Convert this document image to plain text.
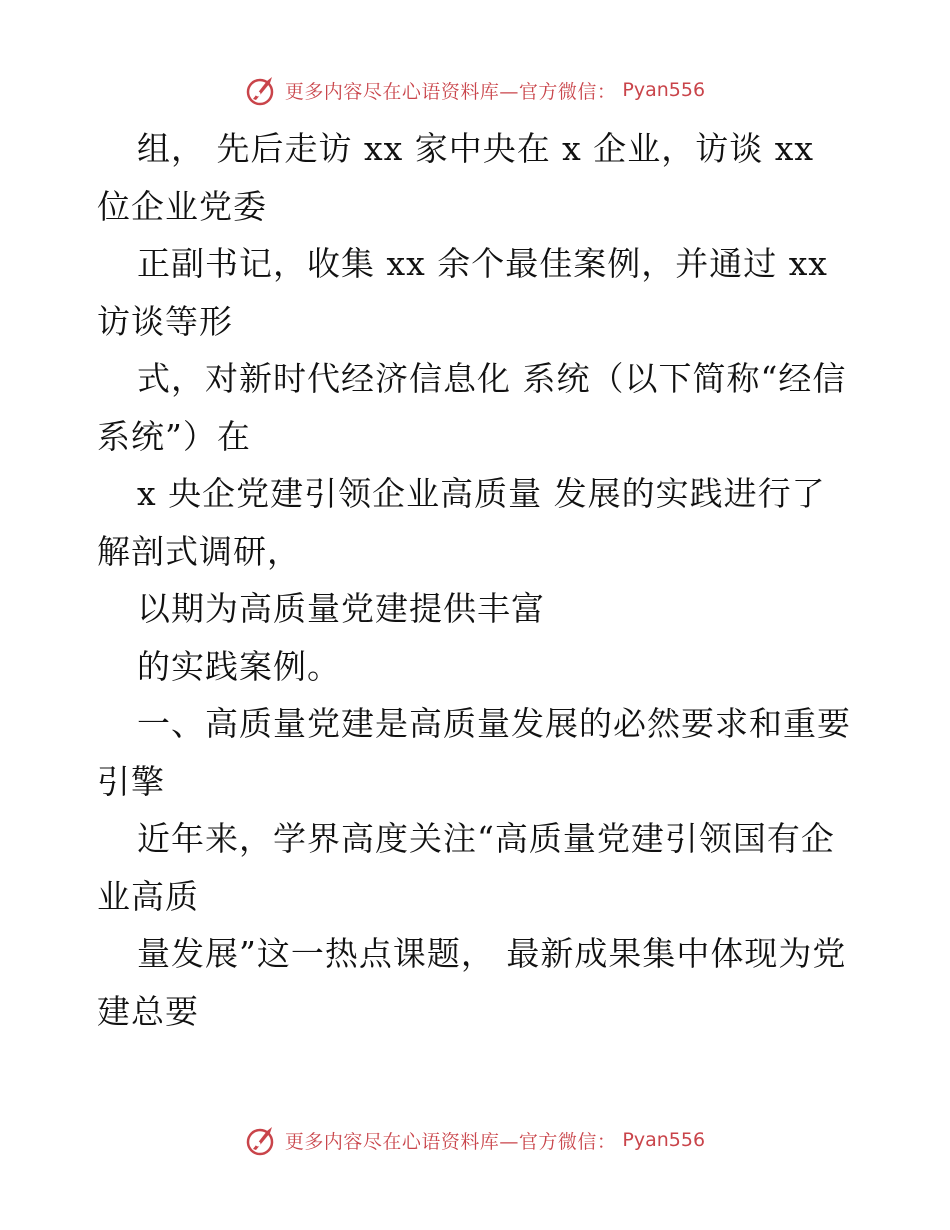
更多内容尽在心语资料库—官方微信： Pyan556

组， 先后走访 xx 家中央在 x 企业，访谈 xx 位企业党委

正副书记，收集 xx 余个最佳案例，并通过 xx 访谈等形

式，对新时代经济信息化 系统（以下简称“经信系统”）在

x 央企党建引领企业高质量 发展的实践进行了解剖式调研，

以期为高质量党建提供丰富

的实践案例。

一、高质量党建是高质量发展的必然要求和重要引擎

近年来，学界高度关注“高质量党建引领国有企业高质

量发展”这一热点课题， 最新成果集中体现为党建总要

更多内容尽在心语资料库—官方微信： Pyan556
